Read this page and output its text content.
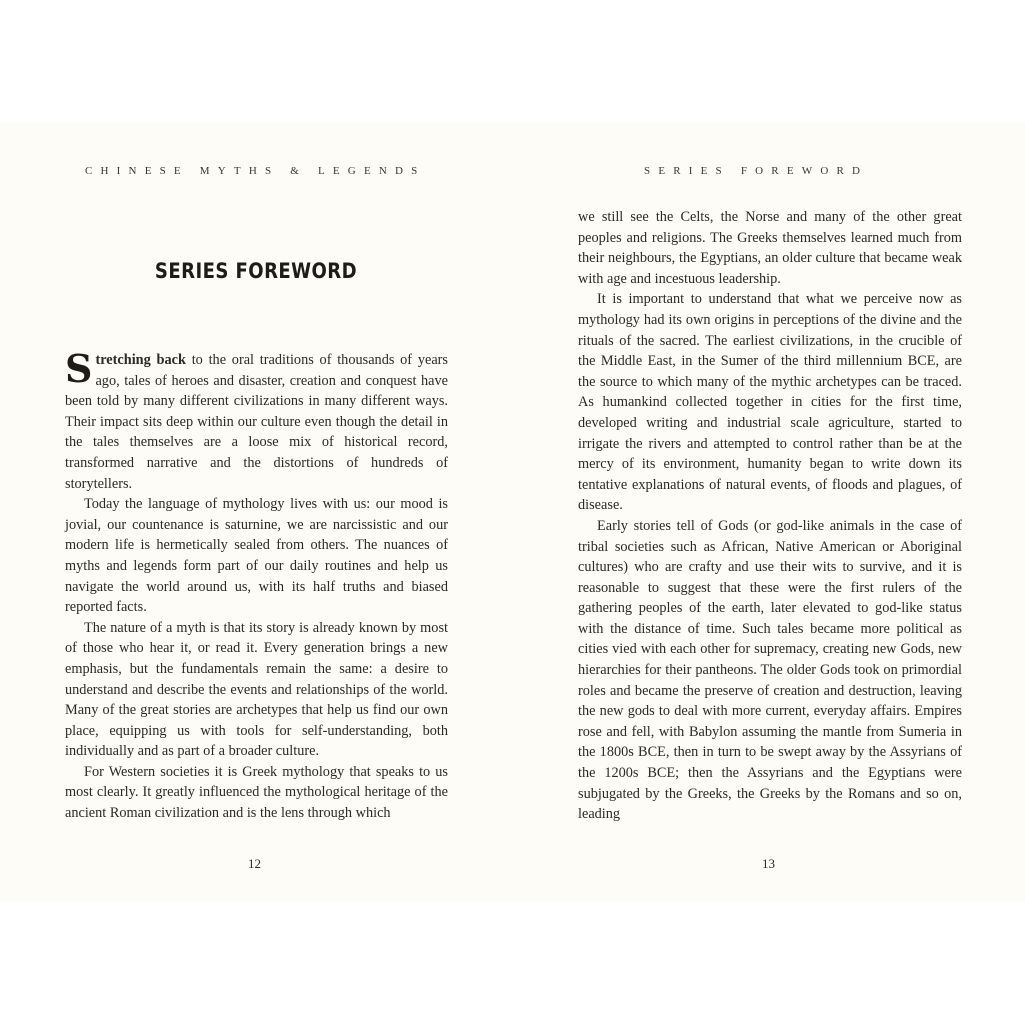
CHINESE MYTHS & LEGENDS
SERIES FOREWORD

Stretching back to the oral traditions of thousands of years ago, tales of heroes and disaster, creation and conquest have been told by many different civilizations in many different ways. Their impact sits deep within our culture even though the detail in the tales themselves are a loose mix of historical record, transformed narrative and the distortions of hundreds of storytellers.

Today the language of mythology lives with us: our mood is jovial, our countenance is saturnine, we are narcissistic and our modern life is hermetically sealed from others. The nuances of myths and legends form part of our daily routines and help us navigate the world around us, with its half truths and biased reported facts.

The nature of a myth is that its story is already known by most of those who hear it, or read it. Every generation brings a new emphasis, but the fundamentals remain the same: a desire to understand and describe the events and relationships of the world. Many of the great stories are archetypes that help us find our own place, equipping us with tools for self-understanding, both individually and as part of a broader culture.

For Western societies it is Greek mythology that speaks to us most clearly. It greatly influenced the mythological heritage of the ancient Roman civilization and is the lens through which

12
SERIES FOREWORD

we still see the Celts, the Norse and many of the other great peoples and religions. The Greeks themselves learned much from their neighbours, the Egyptians, an older culture that became weak with age and incestuous leadership.

It is important to understand that what we perceive now as mythology had its own origins in perceptions of the divine and the rituals of the sacred. The earliest civilizations, in the crucible of the Middle East, in the Sumer of the third millennium BCE, are the source to which many of the mythic archetypes can be traced. As humankind collected together in cities for the first time, developed writing and industrial scale agriculture, started to irrigate the rivers and attempted to control rather than be at the mercy of its environment, humanity began to write down its tentative explanations of natural events, of floods and plagues, of disease.

Early stories tell of Gods (or god-like animals in the case of tribal societies such as African, Native American or Aboriginal cultures) who are crafty and use their wits to survive, and it is reasonable to suggest that these were the first rulers of the gathering peoples of the earth, later elevated to god-like status with the distance of time. Such tales became more political as cities vied with each other for supremacy, creating new Gods, new hierarchies for their pantheons. The older Gods took on primordial roles and became the preserve of creation and destruction, leaving the new gods to deal with more current, everyday affairs. Empires rose and fell, with Babylon assuming the mantle from Sumeria in the 1800s BCE, then in turn to be swept away by the Assyrians of the 1200s BCE; then the Assyrians and the Egyptians were subjugated by the Greeks, the Greeks by the Romans and so on, leading

13
